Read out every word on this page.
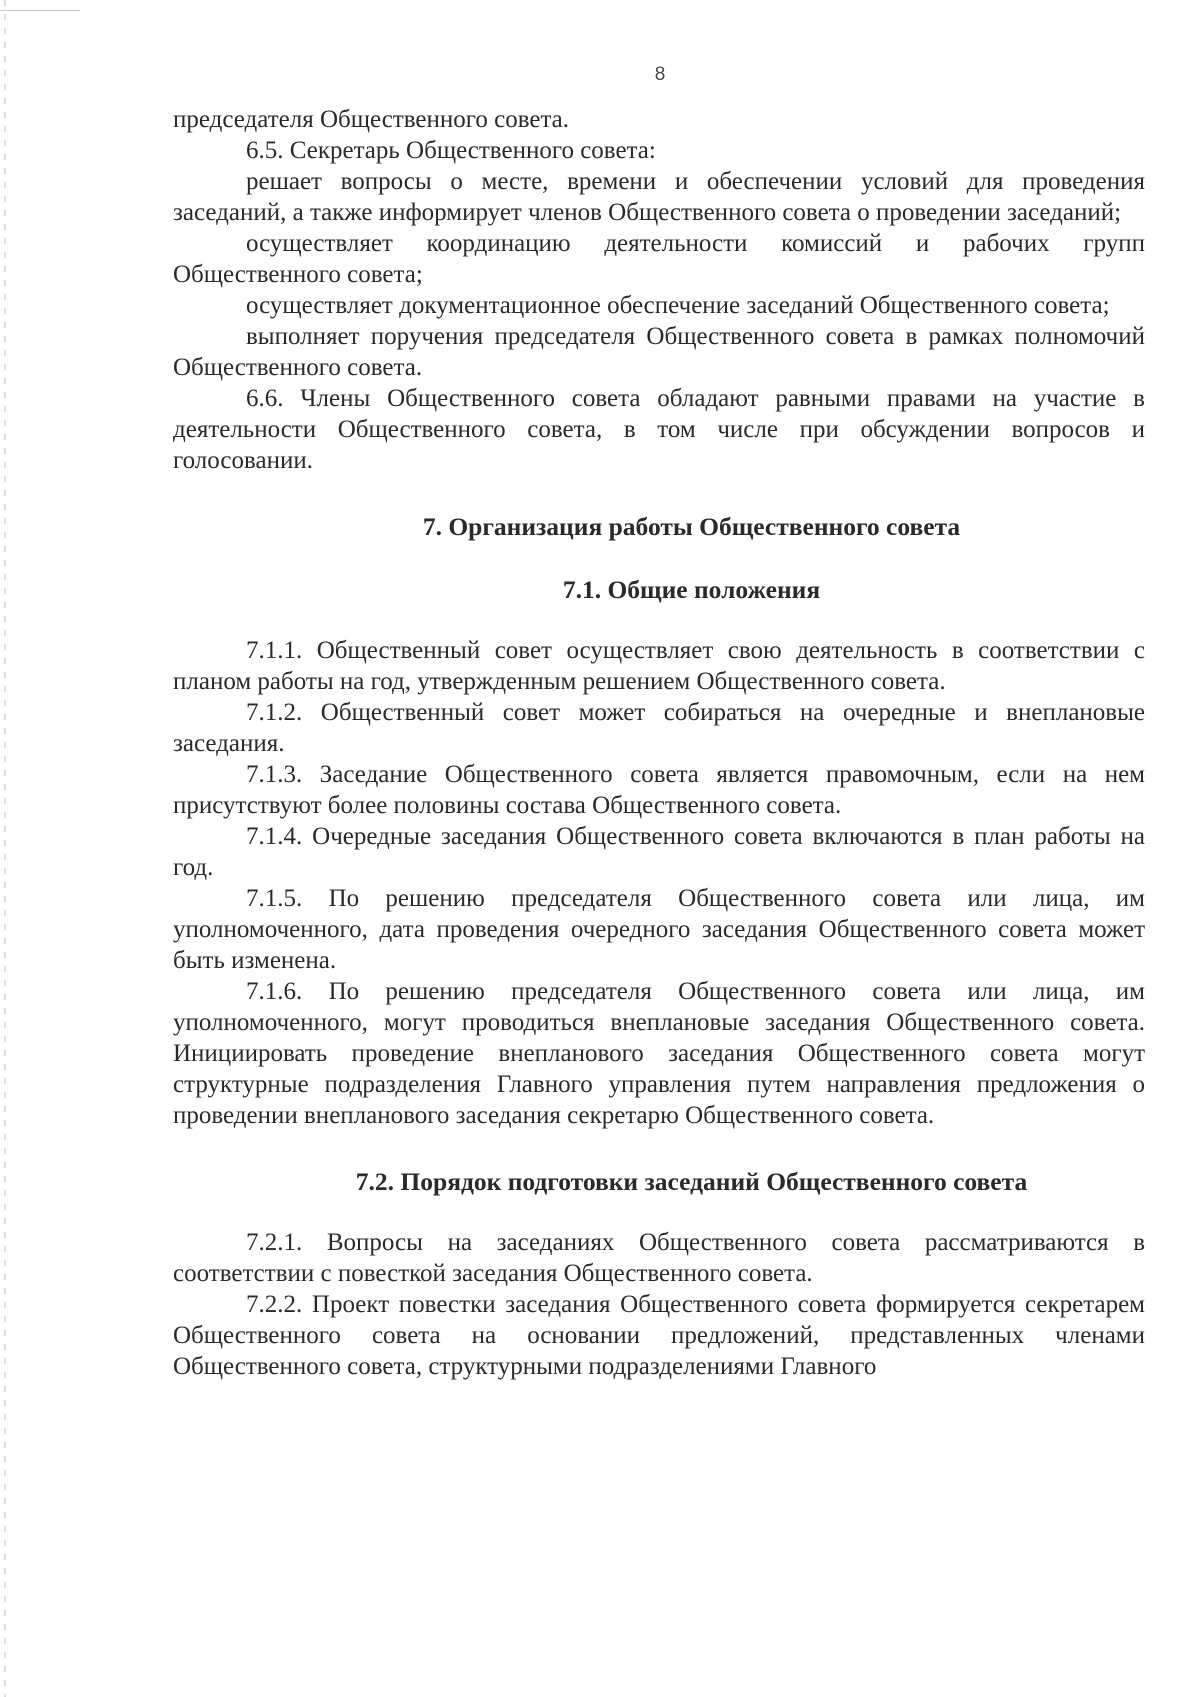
8

председателя Общественного совета.

6.5. Секретарь Общественного совета:

решает вопросы о месте, времени и обеспечении условий для проведения заседаний, а также информирует членов Общественного совета о проведении заседаний;

осуществляет координацию деятельности комиссий и рабочих групп Общественного совета;

осуществляет документационное обеспечение заседаний Общественного совета;

выполняет поручения председателя Общественного совета в рамках полномочий Общественного совета.

6.6. Члены Общественного совета обладают равными правами на участие в деятельности Общественного совета, в том числе при обсуждении вопросов и голосовании.

7. Организация работы Общественного совета

7.1. Общие положения

7.1.1. Общественный совет осуществляет свою деятельность в соответствии с планом работы на год, утвержденным решением Общественного совета.

7.1.2. Общественный совет может собираться на очередные и внеплановые заседания.

7.1.3. Заседание Общественного совета является правомочным, если на нем присутствуют более половины состава Общественного совета.

7.1.4. Очередные заседания Общественного совета включаются в план работы на год.

7.1.5. По решению председателя Общественного совета или лица, им уполномоченного, дата проведения очередного заседания Общественного совета может быть изменена.

7.1.6. По решению председателя Общественного совета или лица, им уполномоченного, могут проводиться внеплановые заседания Общественного совета. Инициировать проведение внепланового заседания Общественного совета могут структурные подразделения Главного управления путем направления предложения о проведении внепланового заседания секретарю Общественного совета.

7.2. Порядок подготовки заседаний Общественного совета

7.2.1. Вопросы на заседаниях Общественного совета рассматриваются в соответствии с повесткой заседания Общественного совета.

7.2.2. Проект повестки заседания Общественного совета формируется секретарем Общественного совета на основании предложений, представленных членами Общественного совета, структурными подразделениями Главного
